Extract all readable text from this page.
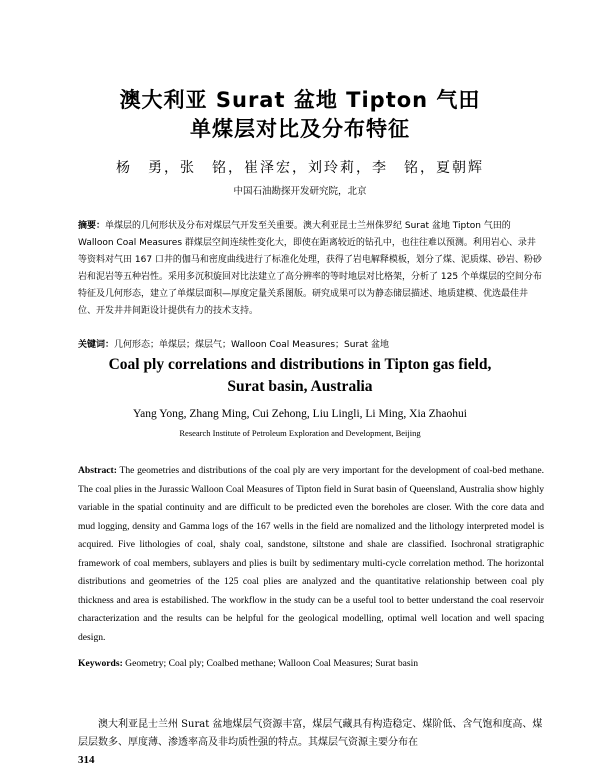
澳大利亚 Surat 盆地 Tipton 气田
单煤层对比及分布特征
杨　勇，张　铭，崔泽宏，刘玲莉，李　铭，夏朝辉
中国石油勘探开发研究院，北京
摘要：单煤层的几何形状及分布对煤层气开发至关重要。澳大利亚昆士兰州侏罗纪 Surat 盆地 Tipton 气田的 Walloon Coal Measures 群煤层空间连续性变化大，即使在距离较近的钻孔中，也往往难以预测。利用岩心、录井等资料对气田 167 口井的伽马和密度曲线进行了标准化处理，获得了岩电解释模板，划分了煤、泥质煤、砂岩、粉砂岩和泥岩等五种岩性。采用多沉积旋回对比法建立了高分辨率的等时地层对比格架，分析了 125 个单煤层的空间分布特征及几何形态，建立了单煤层面积—厚度定量关系图版。研究成果可以为静态储层描述、地质建模、优选最佳井位、开发井井间距设计提供有力的技术支持。
关键词：几何形态；单煤层；煤层气；Walloon Coal Measures；Surat 盆地
Coal ply correlations and distributions in Tipton gas field,
Surat basin, Australia
Yang Yong, Zhang Ming, Cui Zehong, Liu Lingli, Li Ming, Xia Zhaohui
Research Institute of Petroleum Exploration and Development, Beijing
Abstract: The geometries and distributions of the coal ply are very important for the development of coal-bed methane. The coal plies in the Jurassic Walloon Coal Measures of Tipton field in Surat basin of Queensland, Australia show highly variable in the spatial continuity and are difficult to be predicted even the boreholes are closer. With the core data and mud logging, density and Gamma logs of the 167 wells in the field are nomalized and the lithology interpreted model is acquired. Five lithologies of coal, shaly coal, sandstone, siltstone and shale are classified. Isochronal stratigraphic framework of coal members, sublayers and plies is built by sedimentary multi-cycle correlation method. The horizontal distributions and geometries of the 125 coal plies are analyzed and the quantitative relationship between coal ply thickness and area is estabilished. The workflow in the study can be a useful tool to better understand the coal reservoir characterization and the results can be helpful for the geological modelling, optimal well location and well spacing design.
Keywords: Geometry; Coal ply; Coalbed methane; Walloon Coal Measures; Surat basin
澳大利亚昆士兰州 Surat 盆地煤层气资源丰富，煤层气藏具有构造稳定、煤阶低、含气饱和度高、煤层层数多、厚度薄、渗透率高及非均质性强的特点。其煤层气资源主要分布在
314
